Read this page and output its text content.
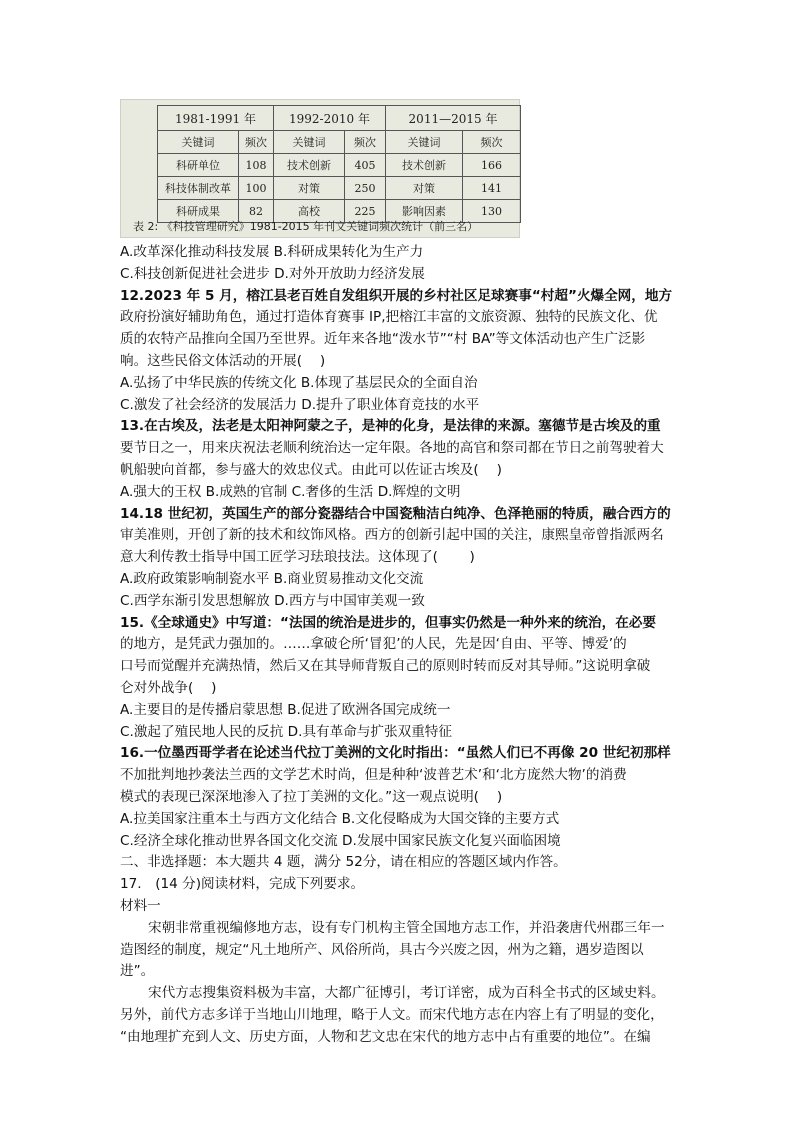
1981-1991 年		1992-2010 年		2011—2015 年	
关键词	频次	关键词	频次	关键词	频次
科研单位	108	技术创新	405	技术创新	166
科技体制改革	100	对策	250	对策	141
科研成果	82	高校	225	影响因素	130
表 2: 《科技管理研究》1981-2015 年刊文关键词频次统计（前三名）

A.改革深化推动科技发展 B.科研成果转化为生产力

C.科技创新促进社会进步 D.对外开放助力经济发展

12.2023 年 5 月，榕江县老百姓自发组织开展的乡村社区足球赛事“村超”火爆全网，地方

政府扮演好辅助角色，通过打造体育赛事 IP,把榕江丰富的文旅资源、独特的民族文化、优

质的农特产品推向全国乃至世界。近年来各地“泼水节”“村 BA”等文体活动也产生广泛影

响。这些民俗文体活动的开展(　 )

A.弘扬了中华民族的传统文化 B.体现了基层民众的全面自治

C.激发了社会经济的发展活力 D.提升了职业体育竞技的水平

13.在古埃及，法老是太阳神阿蒙之子，是神的化身，是法律的来源。塞德节是古埃及的重

要节日之一，用来庆祝法老顺利统治达一定年限。各地的高官和祭司都在节日之前驾驶着大

帆船驶向首都，参与盛大的效忠仪式。由此可以佐证古埃及(　 )

A.强大的王权 B.成熟的官制 C.奢侈的生活 D.辉煌的文明

14.18 世纪初，英国生产的部分瓷器结合中国瓷釉洁白纯净、色泽艳丽的特质，融合西方的

审美准则，开创了新的技术和纹饰风格。西方的创新引起中国的关注，康熙皇帝曾指派两名

意大利传教士指导中国工匠学习珐琅技法。这体现了(　　 )

A.政府政策影响制瓷水平 B.商业贸易推动文化交流

C.西学东渐引发思想解放 D.西方与中国审美观一致

15.《全球通史》中写道：“法国的统治是进步的，但事实仍然是一种外来的统治，在必要

的地方，是凭武力强加的。……拿破仑所‘冒犯’的人民，先是因‘自由、平等、博爱’的

口号而觉醒并充满热情，然后又在其导师背叛自己的原则时转而反对其导师。”这说明拿破

仑对外战争(　 )

A.主要目的是传播启蒙思想 B.促进了欧洲各国完成统一

C.激起了殖民地人民的反抗 D.具有革命与扩张双重特征

16.一位墨西哥学者在论述当代拉丁美洲的文化时指出：“虽然人们已不再像 20 世纪初那样

不加批判地抄袭法兰西的文学艺术时尚，但是种种‘波普艺术’和‘北方庞然大物’的消费

模式的表现已深深地渗入了拉丁美洲的文化。”这一观点说明(　 )

A.拉美国家注重本土与西方文化结合 B.文化侵略成为大国交锋的主要方式

C.经济全球化推动世界各国文化交流 D.发展中国家民族文化复兴面临困境

二、非选择题：本大题共 4 题，满分 52分，请在相应的答题区域内作答。

17.　(14 分)阅读材料，完成下列要求。

材料一

宋朝非常重视编修地方志，设有专门机构主管全国地方志工作，并沿袭唐代州郡三年一

造图经的制度，规定“凡土地所产、风俗所尚，具古今兴废之因，州为之籍，遇岁造图以

进”。

宋代方志搜集资料极为丰富，大都广征博引，考订详密，成为百科全书式的区域史料。

另外，前代方志多详于当地山川地理，略于人文。而宋代地方志在内容上有了明显的变化，

“由地理扩充到人文、历史方面，人物和艺文忠在宋代的地方志中占有重要的地位”。在编
